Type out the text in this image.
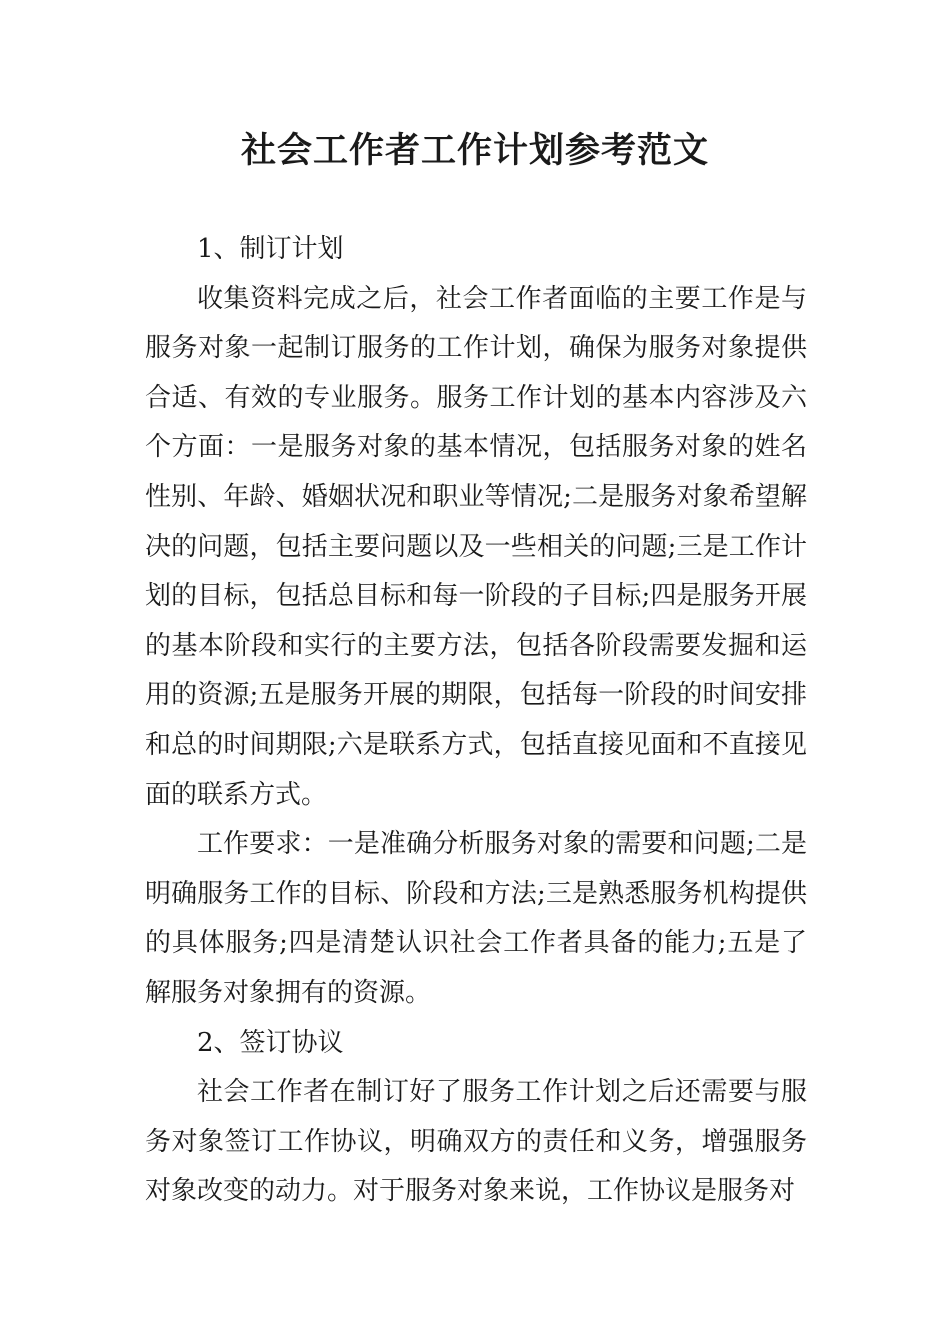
社会工作者工作计划参考范文

1、制订计划

收集资料完成之后，社会工作者面临的主要工作是与服务对象一起制订服务的工作计划，确保为服务对象提供合适、有效的专业服务。服务工作计划的基本内容涉及六个方面：一是服务对象的基本情况，包括服务对象的姓名性别、年龄、婚姻状况和职业等情况;二是服务对象希望解决的问题，包括主要问题以及一些相关的问题;三是工作计划的目标，包括总目标和每一阶段的子目标;四是服务开展的基本阶段和实行的主要方法，包括各阶段需要发掘和运用的资源;五是服务开展的期限，包括每一阶段的时间安排和总的时间期限;六是联系方式，包括直接见面和不直接见面的联系方式。

工作要求：一是准确分析服务对象的需要和问题;二是明确服务工作的目标、阶段和方法;三是熟悉服务机构提供的具体服务;四是清楚认识社会工作者具备的能力;五是了解服务对象拥有的资源。

2、签订协议

社会工作者在制订好了服务工作计划之后还需要与服务对象签订工作协议，明确双方的责任和义务，增强服务对象改变的动力。对于服务对象来说，工作协议是服务对
